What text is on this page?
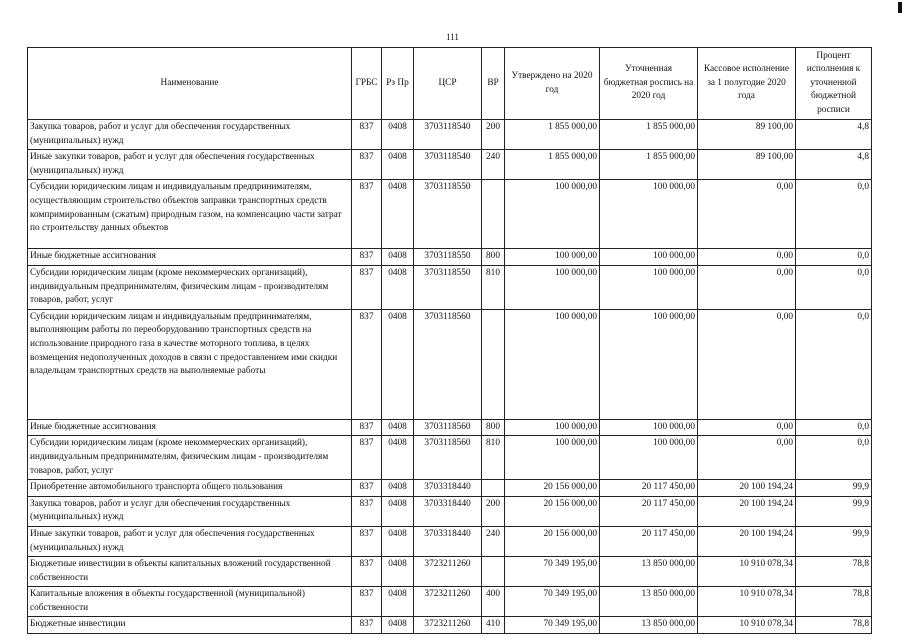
111
Наименование	ГРБС	Рз Пр	ЦСР	ВР	Утверждено на 2020 год	Уточненная бюджетная роспись на 2020 год	Кассовое исполнение за 1 полугодие 2020 года	Процент исполнения к уточненной бюджетной росписи
Закупка товаров, работ и услуг для обеспечения государственных (муниципальных) нужд	837	0408	3703118540	200	1 855 000,00	1 855 000,00	89 100,00	4,8
Иные закупки товаров, работ и услуг для обеспечения государственных (муниципальных) нужд	837	0408	3703118540	240	1 855 000,00	1 855 000,00	89 100,00	4,8
Субсидии юридическим лицам и индивидуальным предпринимателям, осуществляющим строительство объектов заправки транспортных средств компримированным (сжатым) природным газом, на компенсацию части затрат по строительству данных объектов	837	0408	3703118550		100 000,00	100 000,00	0,00	0,0
Иные бюджетные ассигнования	837	0408	3703118550	800	100 000,00	100 000,00	0,00	0,0
Субсидии юридическим лицам (кроме некоммерческих организаций), индивидуальным предпринимателям, физическим лицам - производителям товаров, работ, услуг	837	0408	3703118550	810	100 000,00	100 000,00	0,00	0,0
Субсидии юридическим лицам и индивидуальным предпринимателям, выполняющим работы по переоборудованию транспортных средств на использование природного газа в качестве моторного топлива, в целях возмещения недополученных доходов в связи с предоставлением ими скидки владельцам транспортных средств на выполняемые работы	837	0408	3703118560		100 000,00	100 000,00	0,00	0,0
Иные бюджетные ассигнования	837	0408	3703118560	800	100 000,00	100 000,00	0,00	0,0
Субсидии юридическим лицам (кроме некоммерческих организаций), индивидуальным предпринимателям, физическим лицам - производителям товаров, работ, услуг	837	0408	3703118560	810	100 000,00	100 000,00	0,00	0,0
Приобретение автомобильного транспорта общего пользования	837	0408	3703318440		20 156 000,00	20 117 450,00	20 100 194,24	99,9
Закупка товаров, работ и услуг для обеспечения государственных (муниципальных) нужд	837	0408	3703318440	200	20 156 000,00	20 117 450,00	20 100 194,24	99,9
Иные закупки товаров, работ и услуг для обеспечения государственных (муниципальных) нужд	837	0408	3703318440	240	20 156 000,00	20 117 450,00	20 100 194,24	99,9
Бюджетные инвестиции в объекты капитальных вложений государственной собственности	837	0408	3723211260		70 349 195,00	13 850 000,00	10 910 078,34	78,8
Капитальные вложения в объекты государственной (муниципальной) собственности	837	0408	3723211260	400	70 349 195,00	13 850 000,00	10 910 078,34	78,8
Бюджетные инвестиции	837	0408	3723211260	410	70 349 195,00	13 850 000,00	10 910 078,34	78,8
